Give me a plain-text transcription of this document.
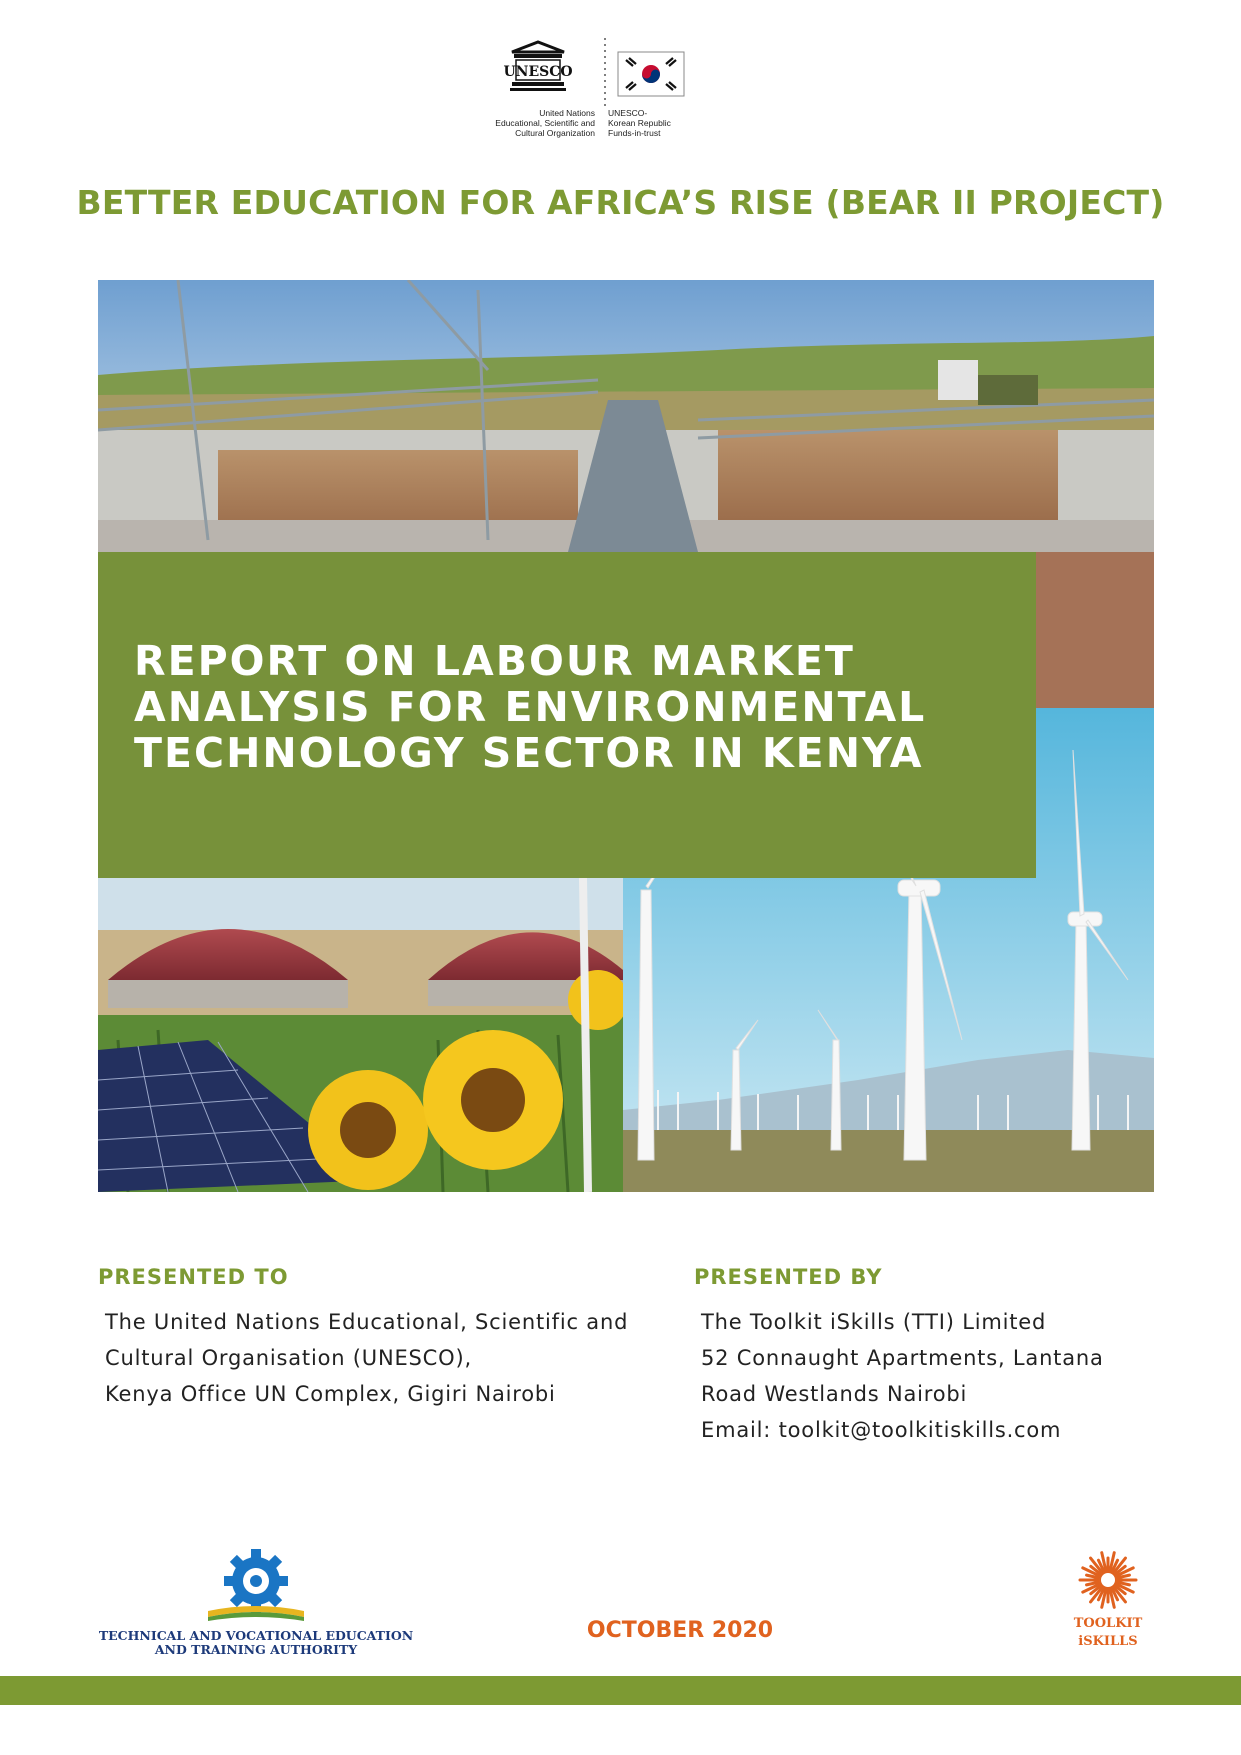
UNESCO
United Nations
Educational, Scientific and
Cultural Organization
UNESCO-
Korean Republic
Funds-in-trust
BETTER EDUCATION FOR AFRICA’S RISE (BEAR II PROJECT)
REPORT ON LABOUR MARKET
ANALYSIS FOR ENVIRONMENTAL
TECHNOLOGY SECTOR IN KENYA
PRESENTED TO
The United Nations Educational, Scientific and
Cultural Organisation (UNESCO),
Kenya Office UN Complex, Gigiri Nairobi
PRESENTED BY
The Toolkit iSkills (TTI) Limited
52 Connaught Apartments, Lantana
Road Westlands Nairobi
Email: toolkit@toolkitiskills.com
TECHNICAL AND VOCATIONAL EDUCATION
AND TRAINING AUTHORITY
OCTOBER 2020	TOOLKIT
iSKILLS
